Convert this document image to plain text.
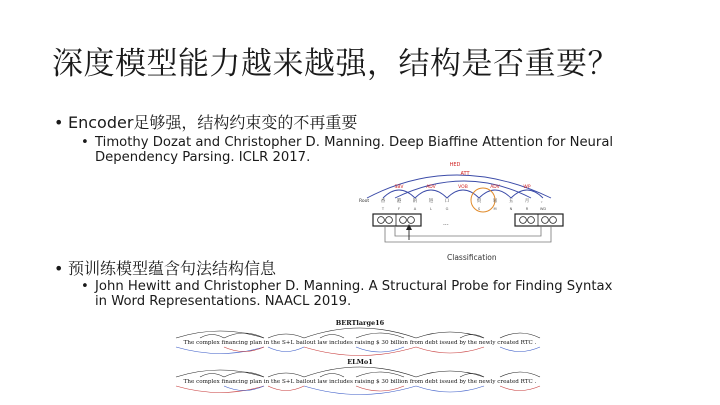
深度模型能力越来越强，结构是否重要？
• Encoder足够强，结构约束变的不再重要
• Timothy Dozat and Christopher D. Manning. Deep Biaffine Attention for Neural
Dependency Parsing. ICLR 2017.	HED
ATT
SBV	ADV	VOB	ADV	WP
Root	香	港	的	进	口	贸	易	五	月	。
T	F	A	L	G	S	M	N	R	WD
...
Classification
• 预训练模型蕴含句法结构信息
• John Hewitt and Christopher D. Manning. A Structural Probe for Finding Syntax
in Word Representations. NAACL 2019.
BERTlarge16
The complex financing plan in the S+L bailout law includes raising $ 30 billion from debt issued by the newly created RTC .
ELMo1
The complex financing plan in the S+L bailout law includes raising $ 30 billion from debt issued by the newly created RTC .
